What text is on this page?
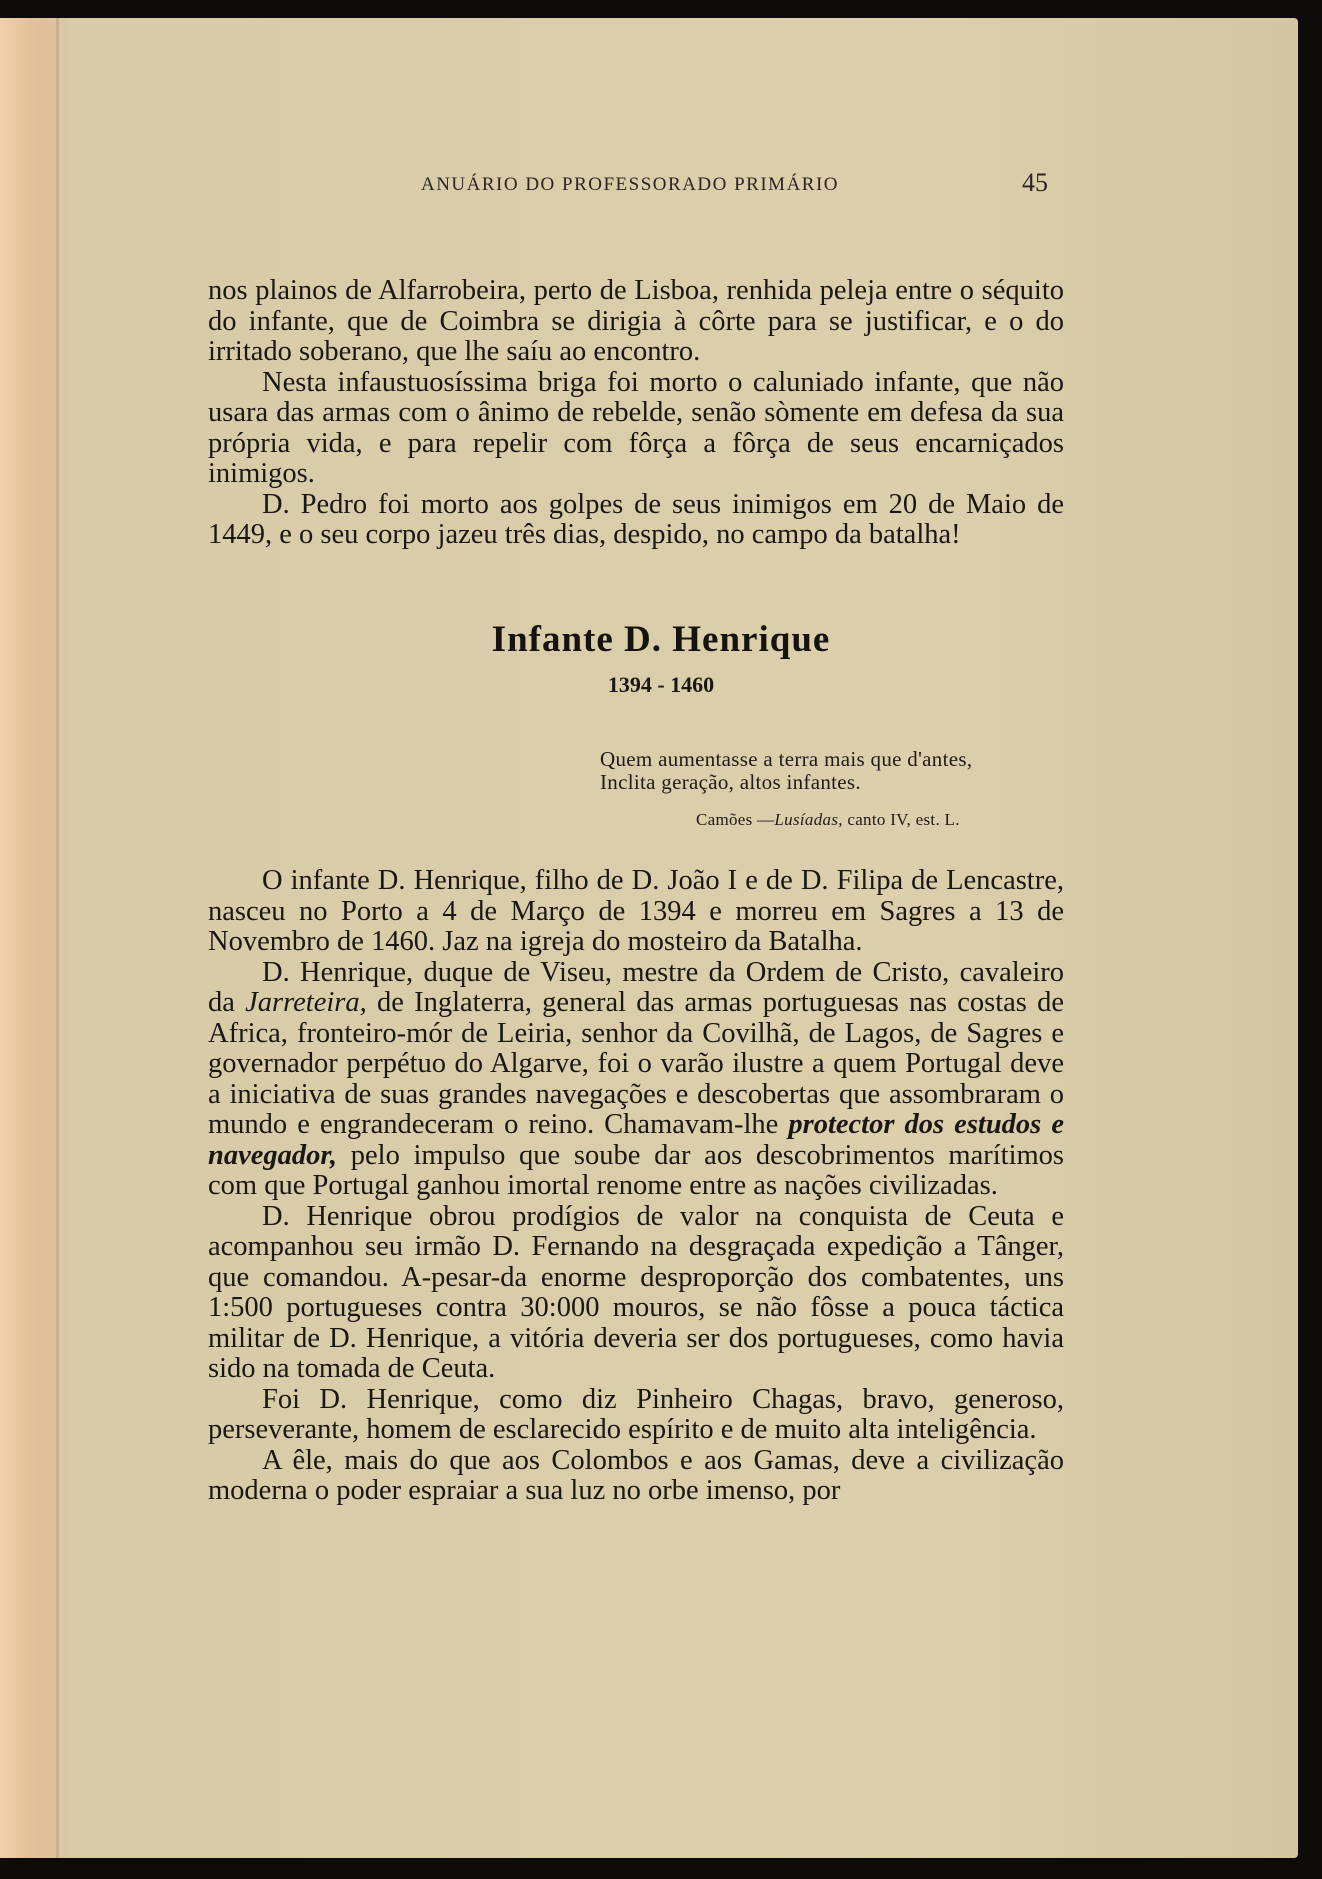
ANUÁRIO DO PROFESSORADO PRIMÁRIO	45

nos plainos de Alfarrobeira, perto de Lisboa, renhida peleja entre o séquito do infante, que de Coimbra se dirigia à côrte para se justificar, e o do irritado soberano, que lhe saíu ao encontro.

Nesta infaustuosíssima briga foi morto o caluniado infante, que não usara das armas com o ânimo de rebelde, senão sòmente em defesa da sua própria vida, e para repelir com fôrça a fôrça de seus encarniçados inimigos.

D. Pedro foi morto aos golpes de seus inimigos em 20 de Maio de 1449, e o seu corpo jazeu três dias, despido, no campo da batalha!

Infante D. Henrique
1394 - 1460
Quem aumentasse a terra mais que d'antes,
Inclita geração, altos infantes.
Camões —Lusíadas, canto IV, est. L.

O infante D. Henrique, filho de D. João I e de D. Filipa de Lencastre, nasceu no Porto a 4 de Março de 1394 e morreu em Sagres a 13 de Novembro de 1460. Jaz na igreja do mosteiro da Batalha.

D. Henrique, duque de Viseu, mestre da Ordem de Cristo, cavaleiro da Jarreteira, de Inglaterra, general das armas portuguesas nas costas de Africa, fronteiro-mór de Leiria, senhor da Covilhã, de Lagos, de Sagres e governador perpétuo do Algarve, foi o varão ilustre a quem Portugal deve a iniciativa de suas grandes navegações e descobertas que assombraram o mundo e engrandeceram o reino. Chamavam-lhe protector dos estudos e navegador, pelo impulso que soube dar aos descobrimentos marítimos com que Portugal ganhou imortal renome entre as nações civilizadas.

D. Henrique obrou prodígios de valor na conquista de Ceuta e acompanhou seu irmão D. Fernando na desgraçada expedição a Tânger, que comandou. A-pesar-da enorme desproporção dos combatentes, uns 1:500 portugueses contra 30:000 mouros, se não fôsse a pouca táctica militar de D. Henrique, a vitória deveria ser dos portugueses, como havia sido na tomada de Ceuta.

Foi D. Henrique, como diz Pinheiro Chagas, bravo, generoso, perseverante, homem de esclarecido espírito e de muito alta inteligência.

A êle, mais do que aos Colombos e aos Gamas, deve a civilização moderna o poder espraiar a sua luz no orbe imenso, por
